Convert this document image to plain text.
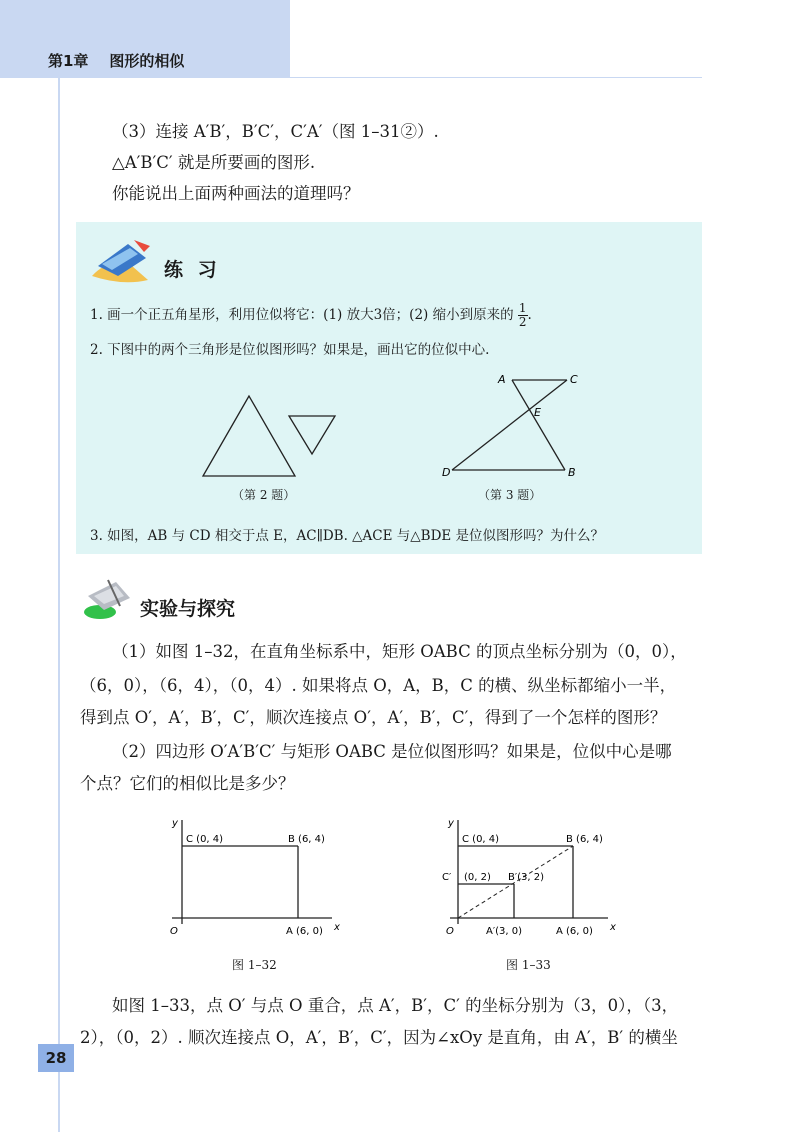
第1章 图形的相似
（3）连接 A′B′，B′C′，C′A′（图 1–31②）.
△A′B′C′ 就是所要画的图形.
你能说出上面两种画法的道理吗？
练 习
1. 画一个正五角星形，利用位似将它：(1) 放大3倍；(2) 缩小到原来的 $\frac{1}{2}$ .
2. 下图中的两个三角形是位似图形吗？如果是，画出它的位似中心.
（第 2 题）
A	C
E
D	B
（第 3 题）
3. 如图，AB 与 CD 相交于点 E，AC∥DB. △ACE 与△BDE 是位似图形吗？为什么？
实验与探究
（1）如图 1–32，在直角坐标系中，矩形 OABC 的顶点坐标分别为（0，0），
（6，0），（6，4），（0，4）. 如果将点 O，A，B，C 的横、纵坐标都缩小一半，
得到点 O′，A′，B′，C′，顺次连接点 O′，A′，B′，C′，得到了一个怎样的图形？
（2）四边形 O′A′B′C′ 与矩形 OABC 是位似图形吗？如果是，位似中心是哪
个点？它们的相似比是多少？
y
x
O
C (0, 4)	B (6, 4)
A (6, 0)
图 1–32
y
x
O
C (0, 4)	B (6, 4)
C′ (0, 2) B′(3, 2)
A′(3, 0)	A (6, 0)
图 1–33
如图 1–33，点 O′ 与点 O 重合，点 A′，B′，C′ 的坐标分别为（3，0），（3，
2），（0，2）. 顺次连接点 O，A′，B′，C′，因为∠xOy 是直角，由 A′，B′ 的横坐
28
